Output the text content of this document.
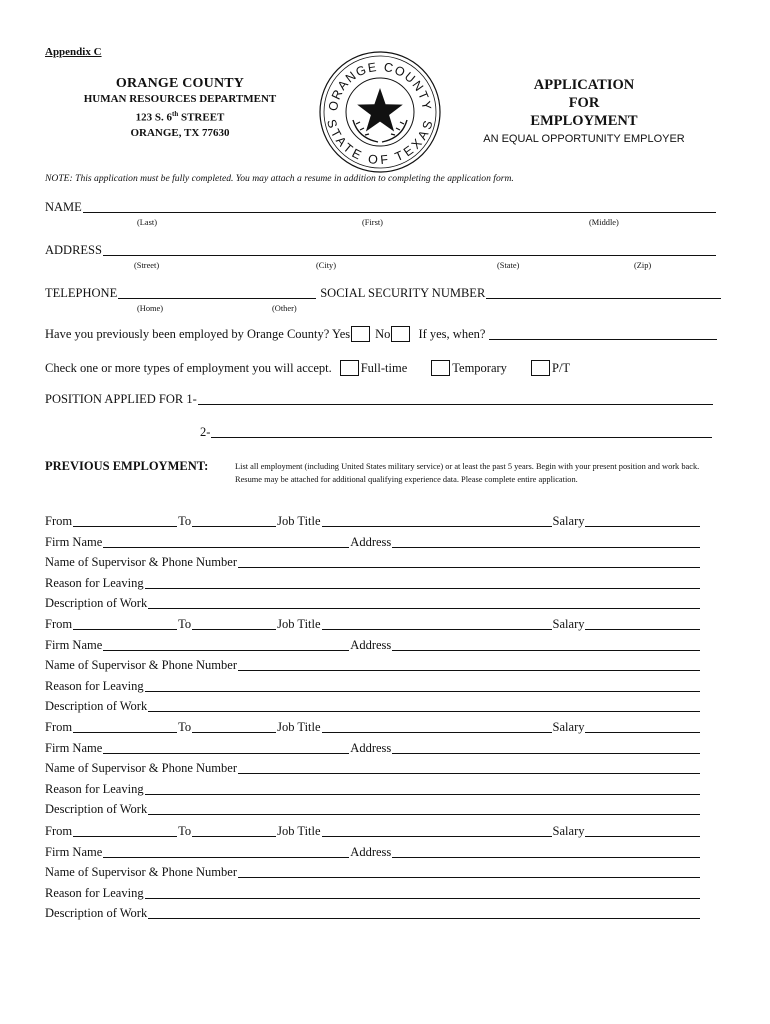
Appendix C
ORANGE COUNTY
HUMAN RESOURCES DEPARTMENT
123 S. 6th STREET
ORANGE, TX 77630
ORANGE COUNTY
STATE OF TEXAS
APPLICATION
FOR
EMPLOYMENT
AN EQUAL OPPORTUNITY EMPLOYER
NOTE: This application must be fully completed. You may attach a resume in addition to completing the application form.
NAME
(Last)	(First)	(Middle)
ADDRESS
(Street)	(City)	(State)	(Zip)
TELEPHONE	SOCIAL SECURITY NUMBER
(Home)	(Other)
Have you previously been employed by Orange County? Yes No If yes, when?
Check one or more types of employment you will accept. Full-time	Temporary	P/T
POSITION APPLIED FOR 1-
2-
PREVIOUS EMPLOYMENT:	List all employment (including United States military service) or at least the past 5 years. Begin with your present position and work back. Resume may be attached for additional qualifying experience data. Please complete entire application.
From	To	Job Title	Salary
Firm Name	Address
Name of Supervisor & Phone Number
Reason for Leaving
Description of Work
From	To	Job Title	Salary
Firm Name	Address
Name of Supervisor & Phone Number
Reason for Leaving
Description of Work
From	To	Job Title	Salary
Firm Name	Address
Name of Supervisor & Phone Number
Reason for Leaving
Description of Work
From	To	Job Title	Salary
Firm Name	Address
Name of Supervisor & Phone Number
Reason for Leaving
Description of Work
